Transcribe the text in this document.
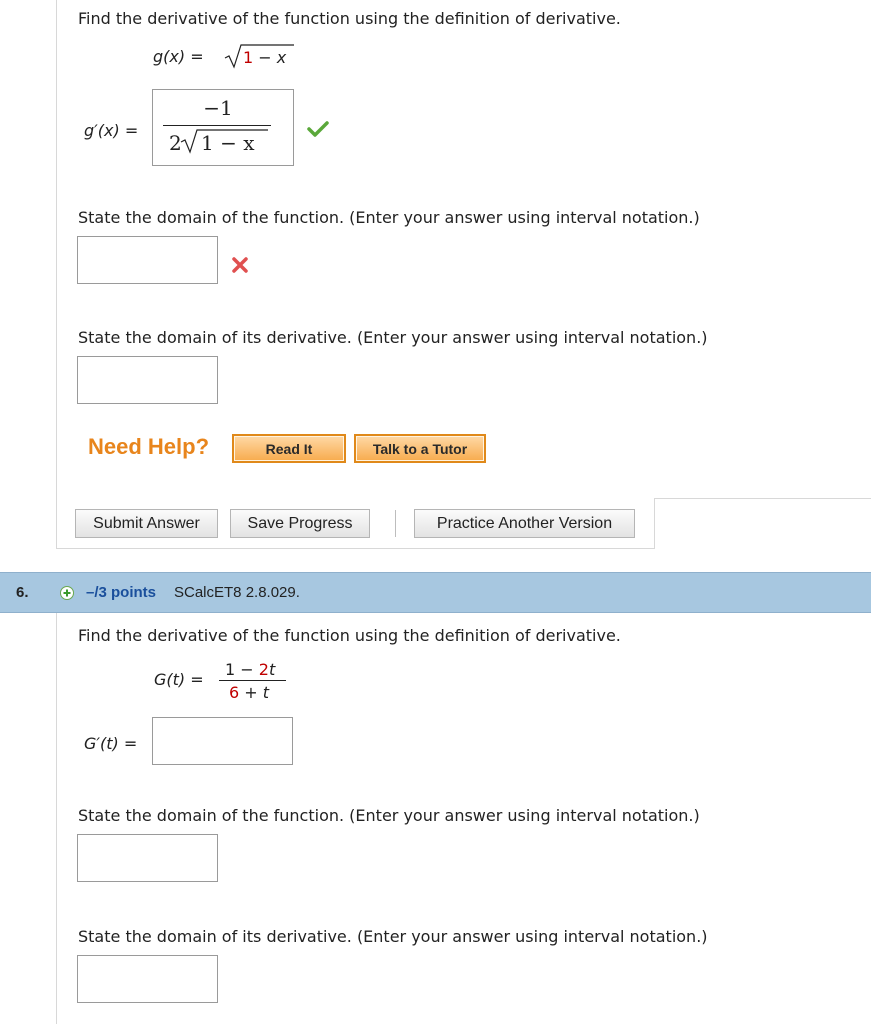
Find the derivative of the function using the definition of derivative.
g(x) = 1 − x
g′(x) =
−1
2 1 − x
State the domain of the function. (Enter your answer using interval notation.)
State the domain of its derivative. (Enter your answer using interval notation.)
Need Help?	Read It	Talk to a Tutor
Submit Answer	Save Progress	Practice Another Version
6.	–/3 points SCalcET8 2.8.029.
Find the derivative of the function using the definition of derivative.
G(t) =
1 − 2t
6 + t
G′(t) =
State the domain of the function. (Enter your answer using interval notation.)
State the domain of its derivative. (Enter your answer using interval notation.)
